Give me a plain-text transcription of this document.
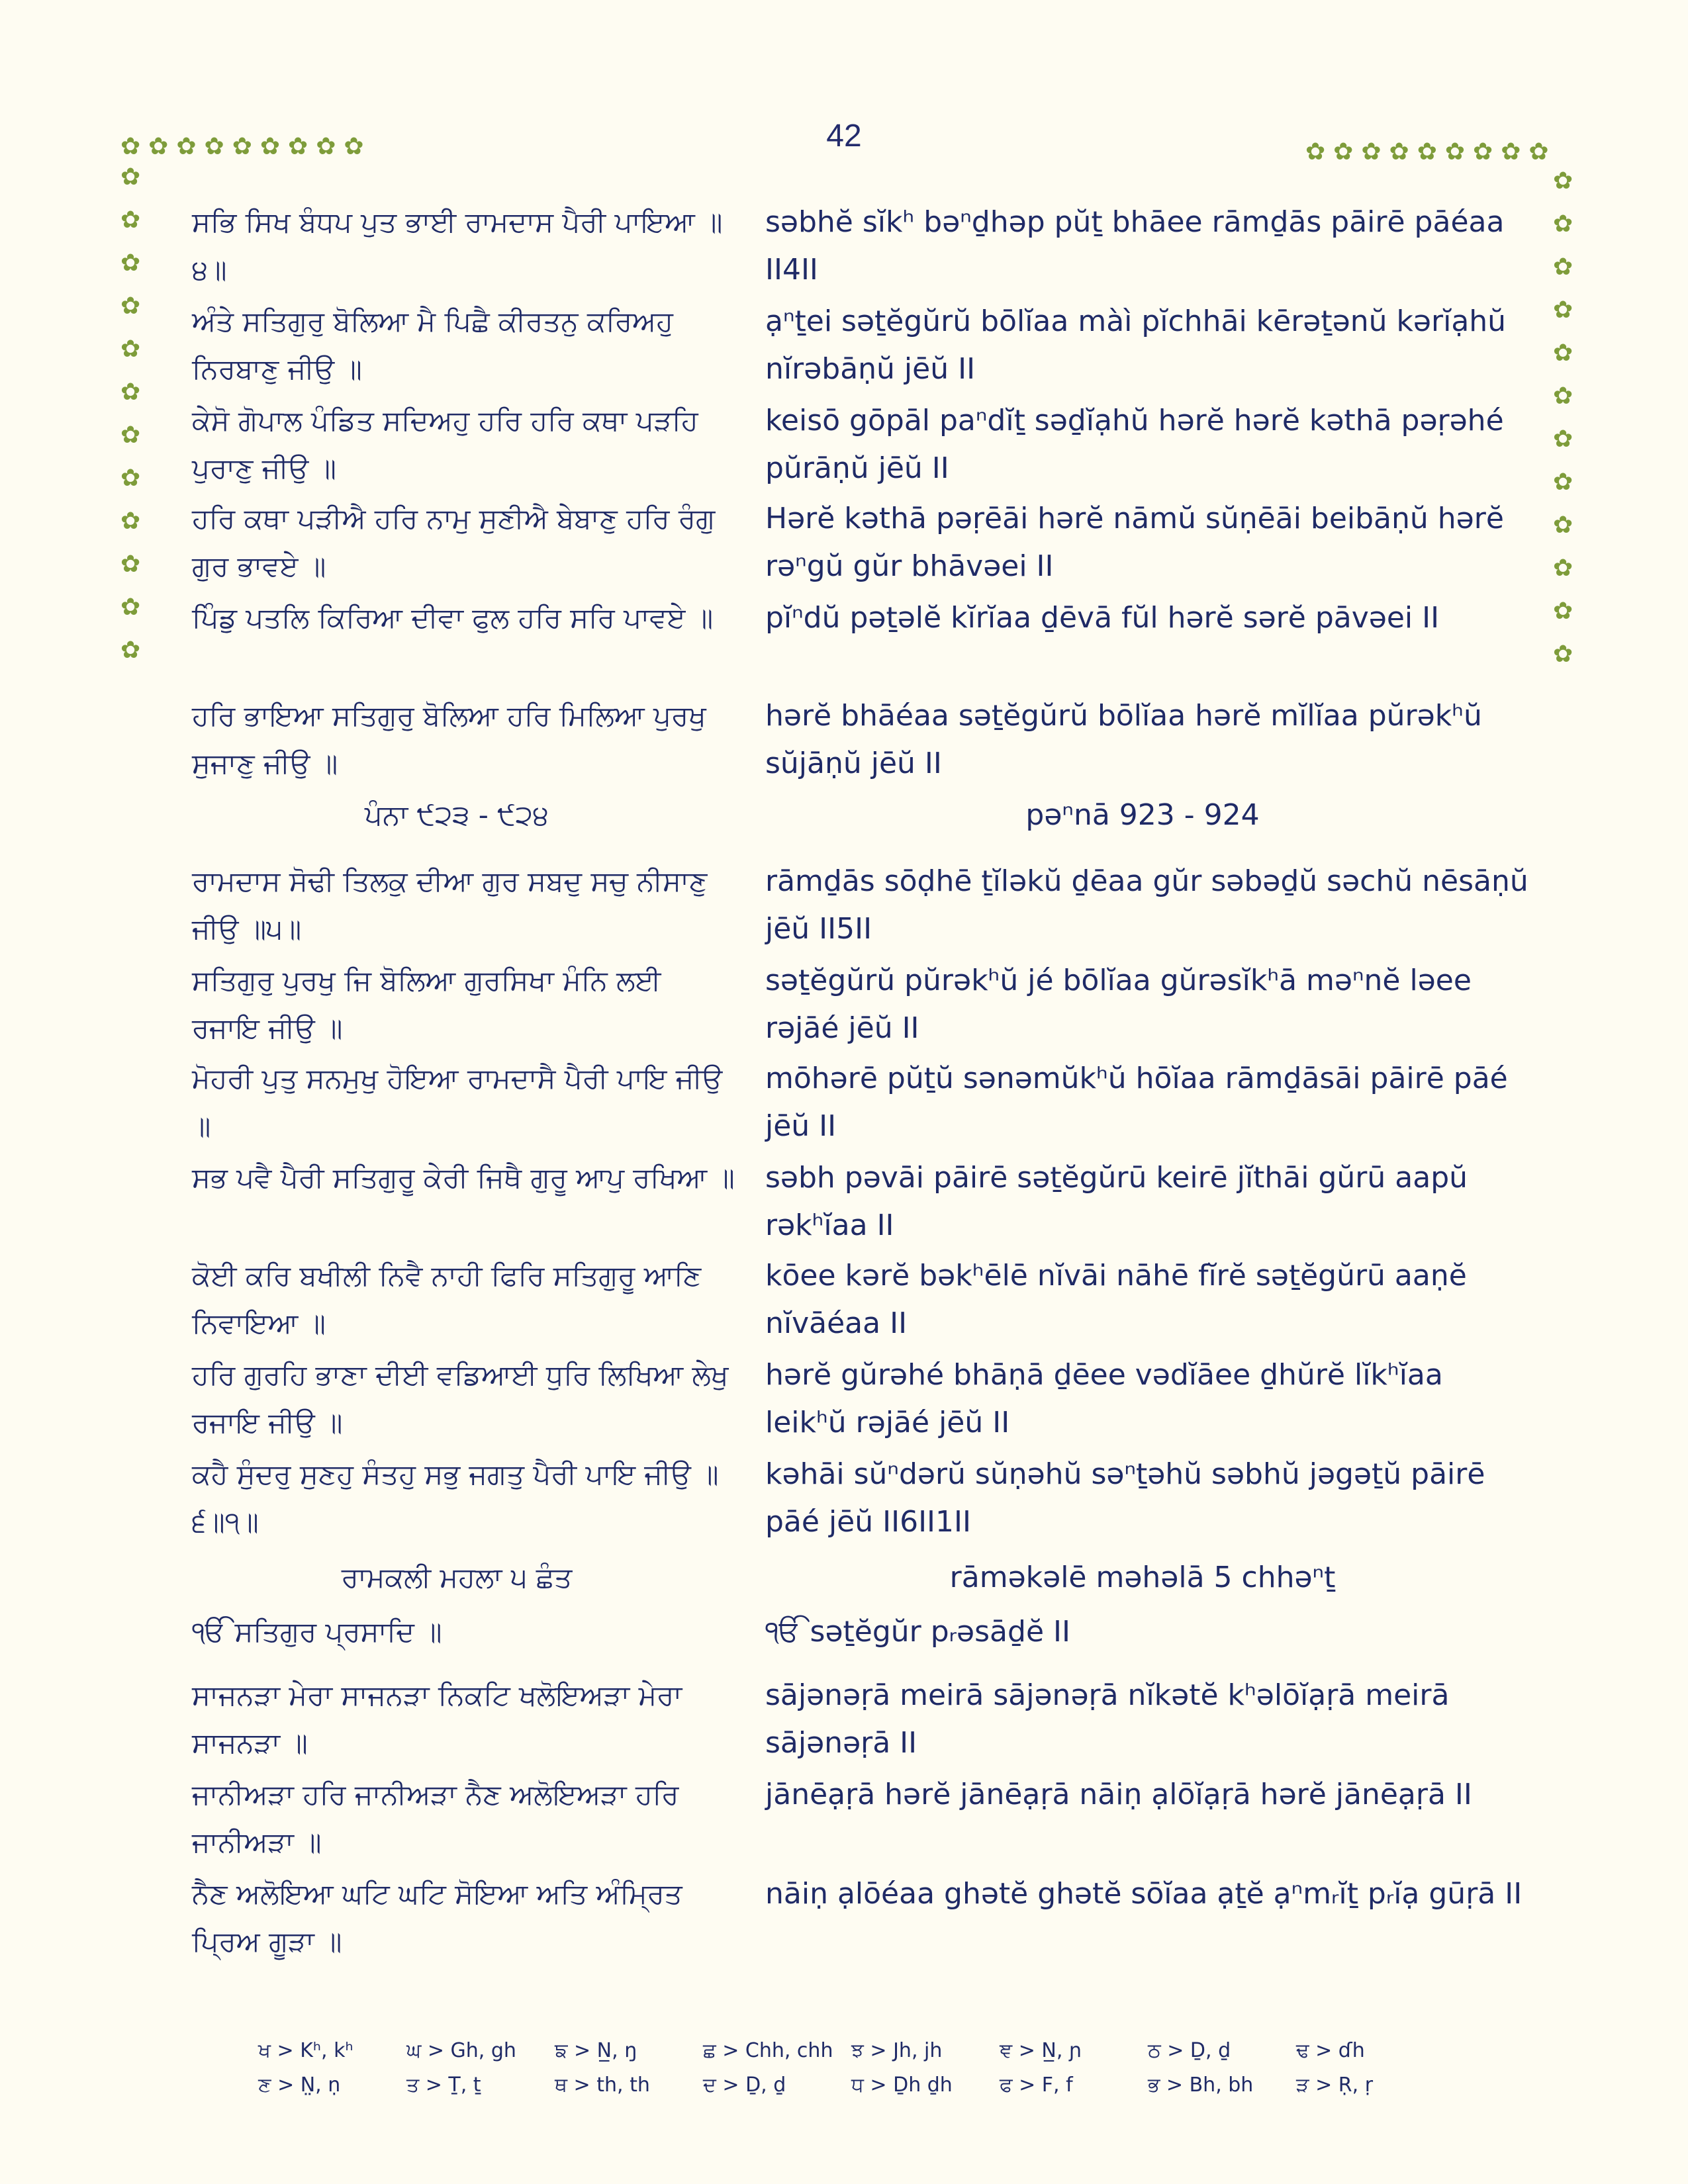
42
✿ ✿ ✿ ✿ ✿ ✿ ✿ ✿ ✿	✿ ✿ ✿ ✿ ✿ ✿ ✿ ✿ ✿
✿
✿
✿
✿
✿
✿
✿
✿
✿
✿
✿
✿
✿
✿
✿
✿
✿
✿
✿
✿
✿
✿
✿
✿
ਸਭਿ ਸਿਖ ਬੰਧਪ ਪੁਤ ਭਾਈ ਰਾਮਦਾਸ ਪੈਰੀ ਪਾਇਆ ॥੪॥
səbhĕ sĭkʰ bəⁿḏhəp pŭṯ bhāee rāmḏās pāirē pāéaa II4II
ਅੰਤੇ ਸਤਿਗੁਰੁ ਬੋਲਿਆ ਮੈ ਪਿਛੈ ਕੀਰਤਨੁ ਕਰਿਅਹੁ ਨਿਰਬਾਣੁ ਜੀਉ ॥
ạⁿṯei səṯĕgŭrŭ bōlĭaa màì pĭchhāi kērəṯənŭ kərĭạhŭ nĭrəbāṇŭ jēŭ II
ਕੇਸੋ ਗੋਪਾਲ ਪੰਡਿਤ ਸਦਿਅਹੁ ਹਰਿ ਹਰਿ ਕਥਾ ਪੜਹਿ ਪੁਰਾਣੁ ਜੀਉ ॥
keisō gōpāl paⁿdĭṯ səḏĭạhŭ hərĕ hərĕ kəthā pəṛəhé pŭrāṇŭ jēŭ II
ਹਰਿ ਕਥਾ ਪੜੀਐ ਹਰਿ ਨਾਮੁ ਸੁਣੀਐ ਬੇਬਾਣੁ ਹਰਿ ਰੰਗੁ ਗੁਰ ਭਾਵਏ ॥
Hərĕ kəthā pəṛēāi hərĕ nāmŭ sŭṇēāi beibāṇŭ hərĕ rəⁿgŭ gŭr bhāvəei II
ਪਿੰਡੁ ਪਤਲਿ ਕਿਰਿਆ ਦੀਵਾ ਫੁਲ ਹਰਿ ਸਰਿ ਪਾਵਏ ॥	pĭⁿdŭ pəṯəlĕ kĭrĭaa ḏēvā fŭl hərĕ sərĕ pāvəei II
ਹਰਿ ਭਾਇਆ ਸਤਿਗੁਰੁ ਬੋਲਿਆ ਹਰਿ ਮਿਲਿਆ ਪੁਰਖੁ ਸੁਜਾਣੁ ਜੀਉ ॥
hərĕ bhāéaa səṯĕgŭrŭ bōlĭaa hərĕ mĭlĭaa pŭrəkʰŭ sŭjāṇŭ jēŭ II
ਪੰਨਾ ੯੨੩ - ੯੨੪	pəⁿnā 923 - 924
ਰਾਮਦਾਸ ਸੋਢੀ ਤਿਲਕੁ ਦੀਆ ਗੁਰ ਸਬਦੁ ਸਚੁ ਨੀਸਾਣੁ ਜੀਉ ॥੫॥
rāmḏās sōḍhē ṯĭləkŭ ḏēaa gŭr səbəḏŭ səchŭ nēsāṇŭ jēŭ II5II
ਸਤਿਗੁਰੁ ਪੁਰਖੁ ਜਿ ਬੋਲਿਆ ਗੁਰਸਿਖਾ ਮੰਨਿ ਲਈ ਰਜਾਇ ਜੀਉ ॥
səṯĕgŭrŭ pŭrəkʰŭ jé bōlĭaa gŭrəsĭkʰā məⁿnĕ ləee rəjāé jēŭ II
ਮੋਹਰੀ ਪੁਤੁ ਸਨਮੁਖੁ ਹੋਇਆ ਰਾਮਦਾਸੈ ਪੈਰੀ ਪਾਇ ਜੀਉ ॥
mōhərē pŭṯŭ sənəmŭkʰŭ hōĭaa rāmḏāsāi pāirē pāé jēŭ II
ਸਭ ਪਵੈ ਪੈਰੀ ਸਤਿਗੁਰੂ ਕੇਰੀ ਜਿਥੈ ਗੁਰੂ ਆਪੁ ਰਖਿਆ ॥ səbh pəvāi pāirē səṯĕgŭrū keirē jĭthāi gŭrū aapŭ rəkʰĭaa II
ਕੋਈ ਕਰਿ ਬਖੀਲੀ ਨਿਵੈ ਨਾਹੀ ਫਿਰਿ ਸਤਿਗੁਰੂ ਆਣਿ ਨਿਵਾਇਆ ॥
kōee kərĕ bəkʰēlē nĭvāi nāhē fĭrĕ səṯĕgŭrū aaṇĕ nĭvāéaa II
ਹਰਿ ਗੁਰਹਿ ਭਾਣਾ ਦੀਈ ਵਡਿਆਈ ਧੁਰਿ ਲਿਖਿਆ ਲੇਖੁ ਰਜਾਇ ਜੀਉ ॥
hərĕ gŭrəhé bhāṇā ḏēee vədĭāee ḏhŭrĕ lĭkʰĭaa leikʰŭ rəjāé jēŭ II
ਕਹੈ ਸੁੰਦਰੁ ਸੁਣਹੁ ਸੰਤਹੁ ਸਭੁ ਜਗਤੁ ਪੈਰੀ ਪਾਇ ਜੀਉ ॥੬॥੧॥
kəhāi sŭⁿdərŭ sŭṇəhŭ səⁿṯəhŭ səbhŭ jəgəṯŭ pāirē pāé jēŭ II6II1II
ਰਾਮਕਲੀ ਮਹਲਾ ੫ ਛੰਤ	rāməkəlē məhəlā 5 chhəⁿṯ
ੴ ਸਤਿਗੁਰ ਪ੍ਰਸਾਦਿ ॥	ੴ səṯĕgŭr pᵣəsāḏĕ II
ਸਾਜਨੜਾ ਮੇਰਾ ਸਾਜਨੜਾ ਨਿਕਟਿ ਖਲੋਇਅੜਾ ਮੇਰਾ ਸਾਜਨੜਾ ॥
sājənəṛā meirā sājənəṛā nĭkətĕ kʰəlōĭạṛā meirā sājənəṛā II
ਜਾਨੀਅੜਾ ਹਰਿ ਜਾਨੀਅੜਾ ਨੈਣ ਅਲੋਇਅੜਾ ਹਰਿ ਜਾਨੀਅੜਾ ॥
jānēạṛā hərĕ jānēạṛā nāiṇ ạlōĭạṛā hərĕ jānēạṛā II
ਨੈਣ ਅਲੋਇਆ ਘਟਿ ਘਟਿ ਸੋਇਆ ਅਤਿ ਅੰਮ੍ਰਿਤ ਪ੍ਰਿਅ ਗੂੜਾ ॥
nāiṇ ạlōéaa ghətĕ ghətĕ sōĭaa ạṯĕ ạⁿmᵣĭṯ pᵣĭạ gūṛā II
ਖ > Kʰ, kʰ	ਘ > Gh, gh	ਙ > N̲, ŋ	ਛ > Chh, chh ਝ > Jh, jh	ਞ > N̲, ɲ	ਠ > Ḏ, ḏ	ਢ > ɗh
ਣ > N̤, ṇ	ਤ > Ṯ, ṯ	ਥ > th, th	ਦ > Ḏ, ḏ	ਧ > Ḏh ḏh	ਫ > F, f	ਭ > Bh, bh	ੜ > Ṛ, ṛ
